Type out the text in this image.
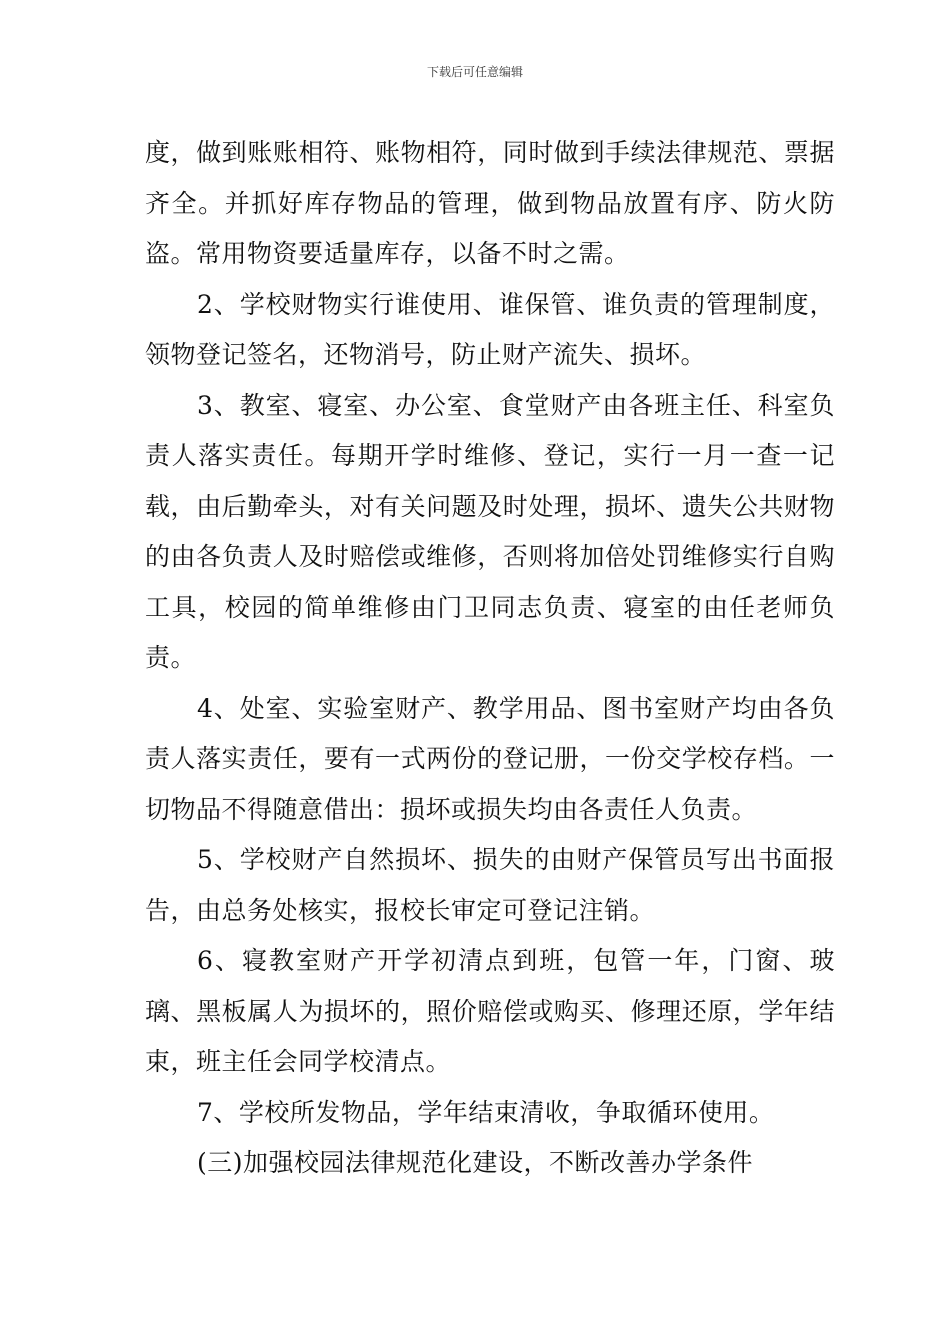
下载后可任意编辑

度，做到账账相符、账物相符，同时做到手续法律规范、票据齐全。并抓好库存物品的管理，做到物品放置有序、防火防盗。常用物资要适量库存，以备不时之需。

2、学校财物实行谁使用、谁保管、谁负责的管理制度，领物登记签名，还物消号，防止财产流失、损坏。

3、教室、寝室、办公室、食堂财产由各班主任、科室负责人落实责任。每期开学时维修、登记，实行一月一查一记载，由后勤牵头，对有关问题及时处理，损坏、遗失公共财物的由各负责人及时赔偿或维修，否则将加倍处罚维修实行自购工具，校园的简单维修由门卫同志负责、寝室的由任老师负责。

4、处室、实验室财产、教学用品、图书室财产均由各负责人落实责任，要有一式两份的登记册，一份交学校存档。一切物品不得随意借出：损坏或损失均由各责任人负责。

5、学校财产自然损坏、损失的由财产保管员写出书面报告，由总务处核实，报校长审定可登记注销。

6、寝教室财产开学初清点到班，包管一年，门窗、玻璃、黑板属人为损坏的，照价赔偿或购买、修理还原，学年结束，班主任会同学校清点。

7、学校所发物品，学年结束清收，争取循环使用。

(三)加强校园法律规范化建设，不断改善办学条件
